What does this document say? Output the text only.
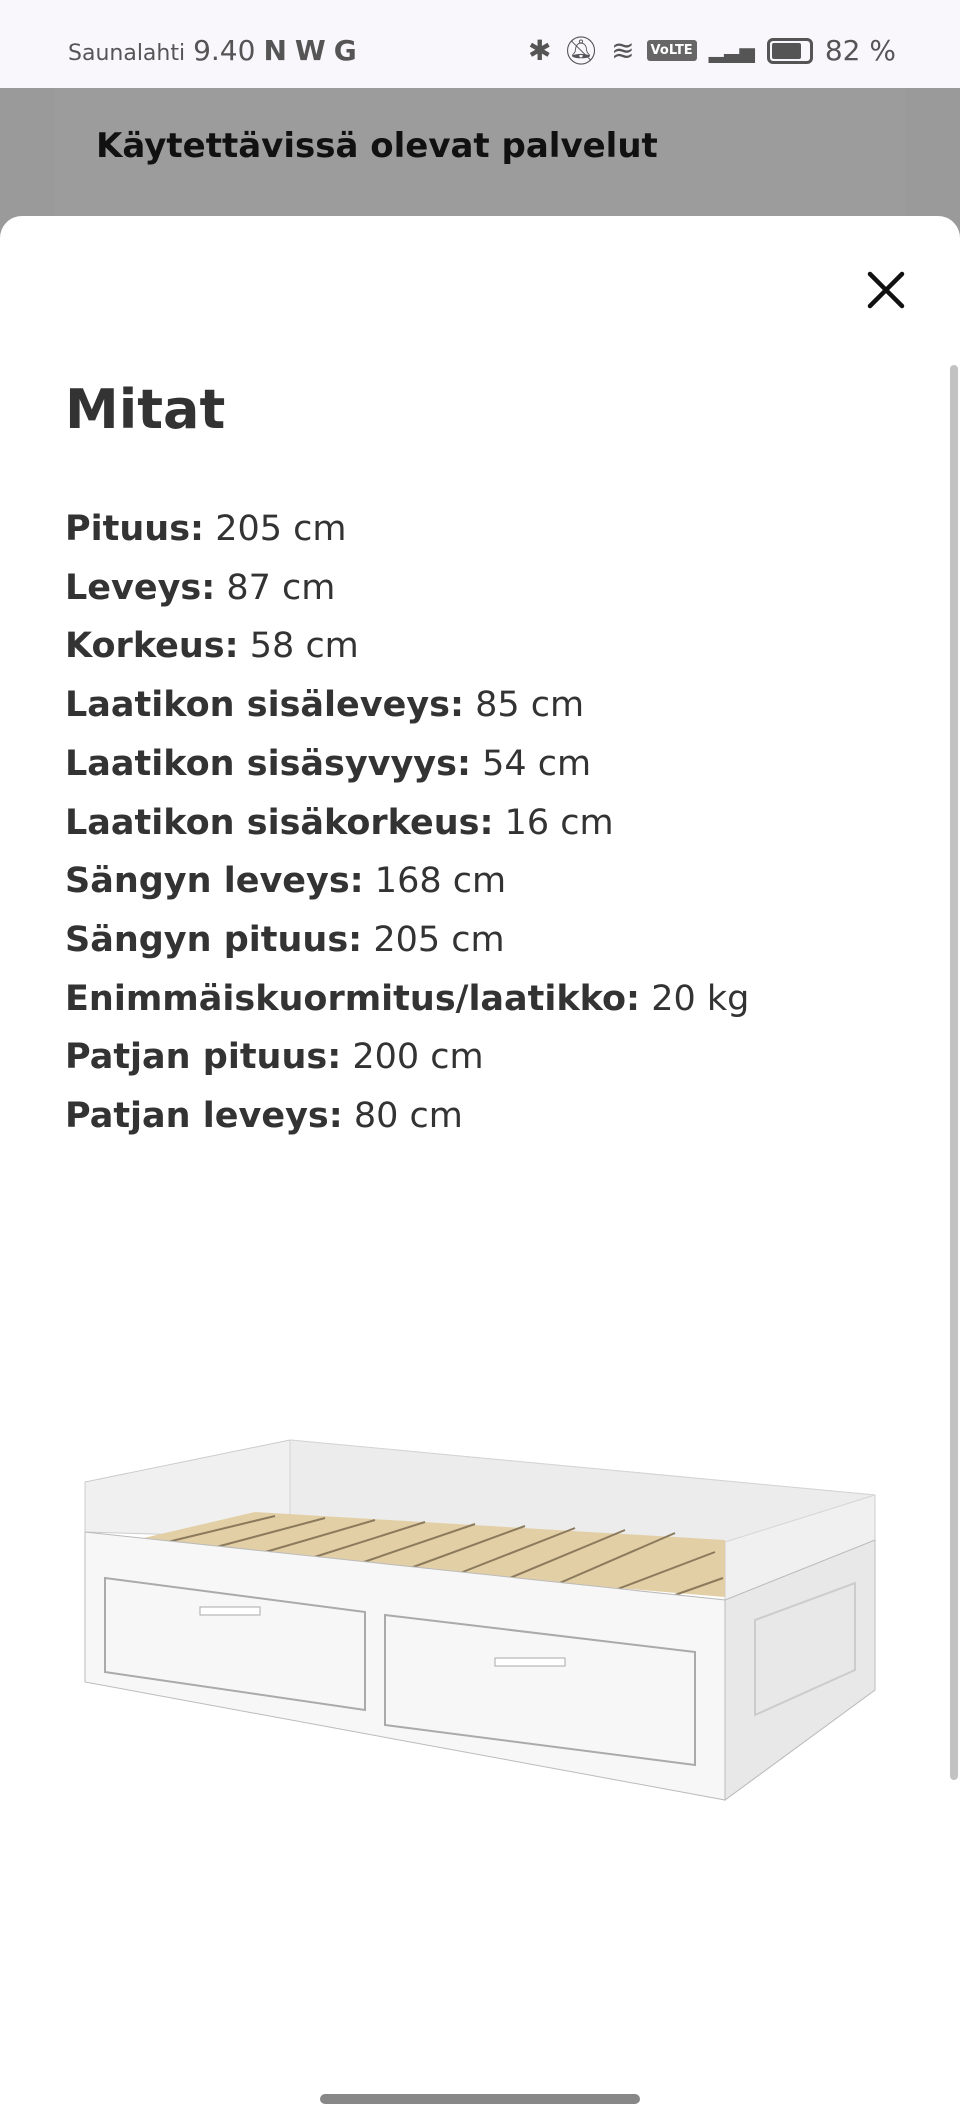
Saunalahti 9.40 N W G	✱ 🔕︎ ≋	VoLTE ▂▃▅	82 %
Käytettävissä olevat palvelut
Mitat
Pituus: 205 cm
Leveys: 87 cm
Korkeus: 58 cm
Laatikon sisäleveys: 85 cm
Laatikon sisäsyvyys: 54 cm
Laatikon sisäkorkeus: 16 cm
Sängyn leveys: 168 cm
Sängyn pituus: 205 cm
Enimmäiskuormitus/laatikko: 20 kg
Patjan pituus: 200 cm
Patjan leveys: 80 cm
